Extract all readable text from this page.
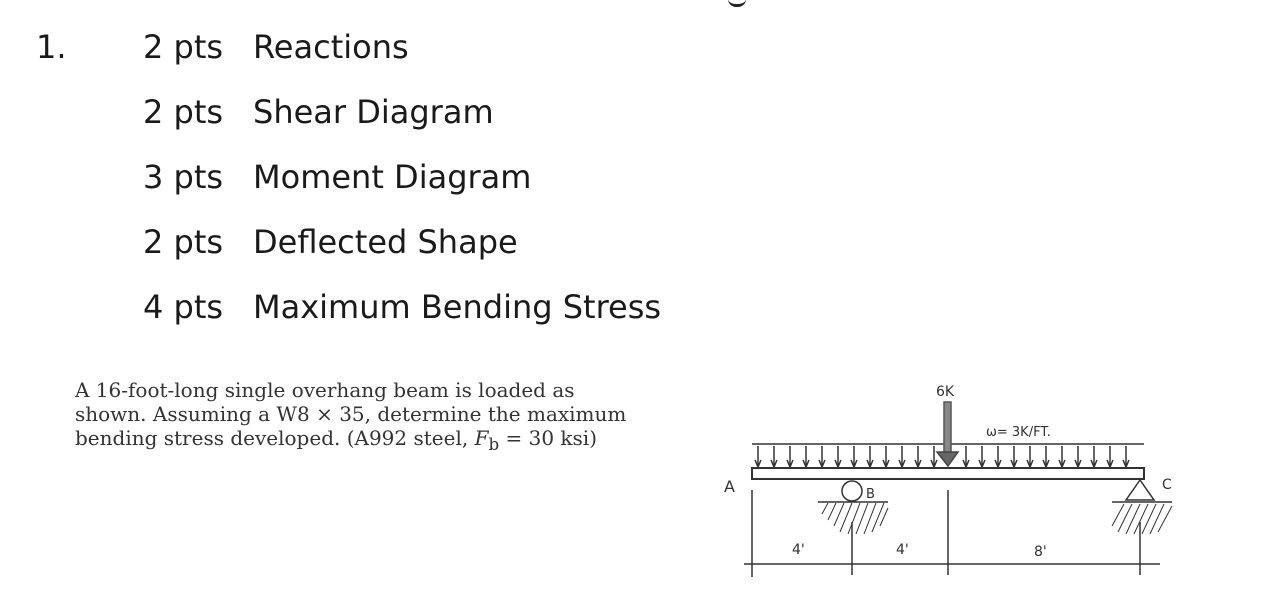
1. 2 pts Reactions
2 pts Shear Diagram
3 pts Moment Diagram
2 pts Deflected Shape
4 pts Maximum Bending Stress
A 16-foot-long single overhang beam is loaded as
shown. Assuming a W8 × 35, determine the maximum
bending stress developed. (A992 steel, $F_b = 30$ ksi)
6K
ω= 3K/FT.
A	B
C
4'	4'	8'
